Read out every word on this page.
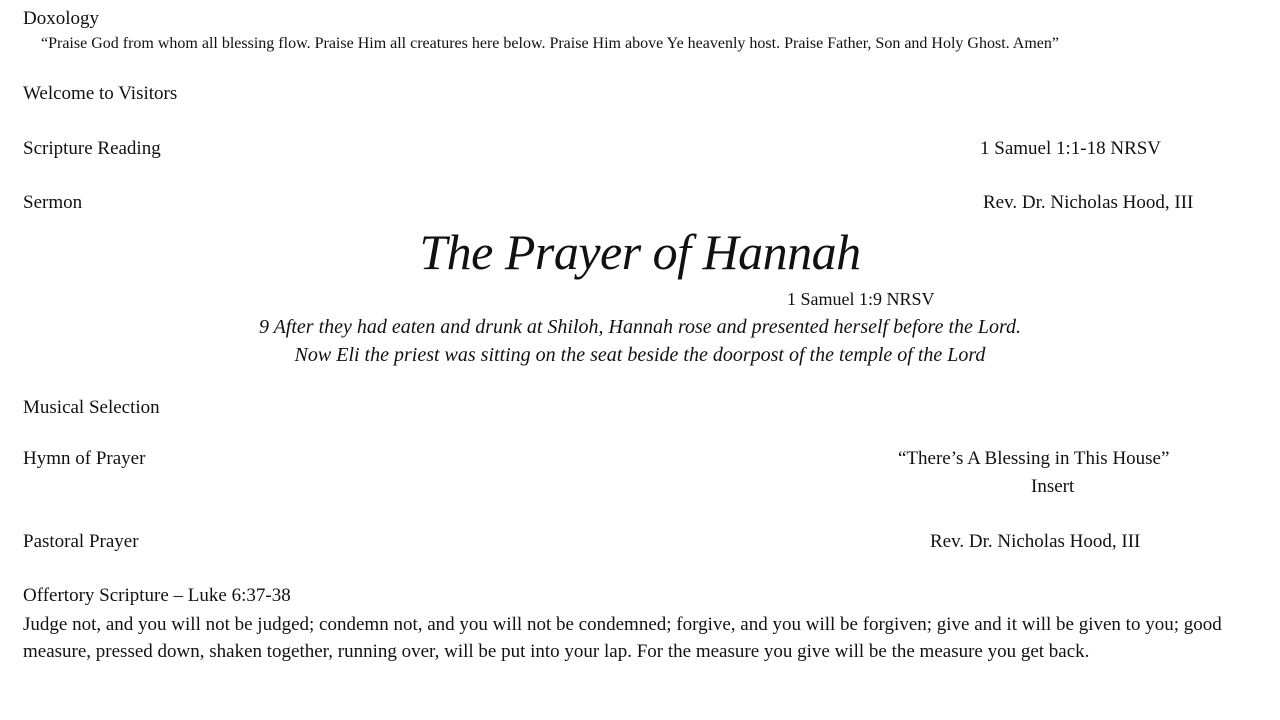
Doxology
“Praise God from whom all blessing flow. Praise Him all creatures here below. Praise Him above Ye heavenly host. Praise Father, Son and Holy Ghost. Amen”
Welcome to Visitors
Scripture Reading	1 Samuel 1:1-18 NRSV
Sermon	Rev. Dr. Nicholas Hood, III
The Prayer of Hannah
1 Samuel 1:9 NRSV
9 After they had eaten and drunk at Shiloh, Hannah rose and presented herself before the Lord.
Now Eli the priest was sitting on the seat beside the doorpost of the temple of the Lord
Musical Selection
Hymn of Prayer	“There’s A Blessing in This House”
Insert
Pastoral Prayer	Rev. Dr. Nicholas Hood, III
Offertory Scripture – Luke 6:37-38
Judge not, and you will not be judged; condemn not, and you will not be condemned; forgive, and you will be forgiven; give and it will be given to you; good measure, pressed down, shaken together, running over, will be put into your lap. For the measure you give will be the measure you get back.
